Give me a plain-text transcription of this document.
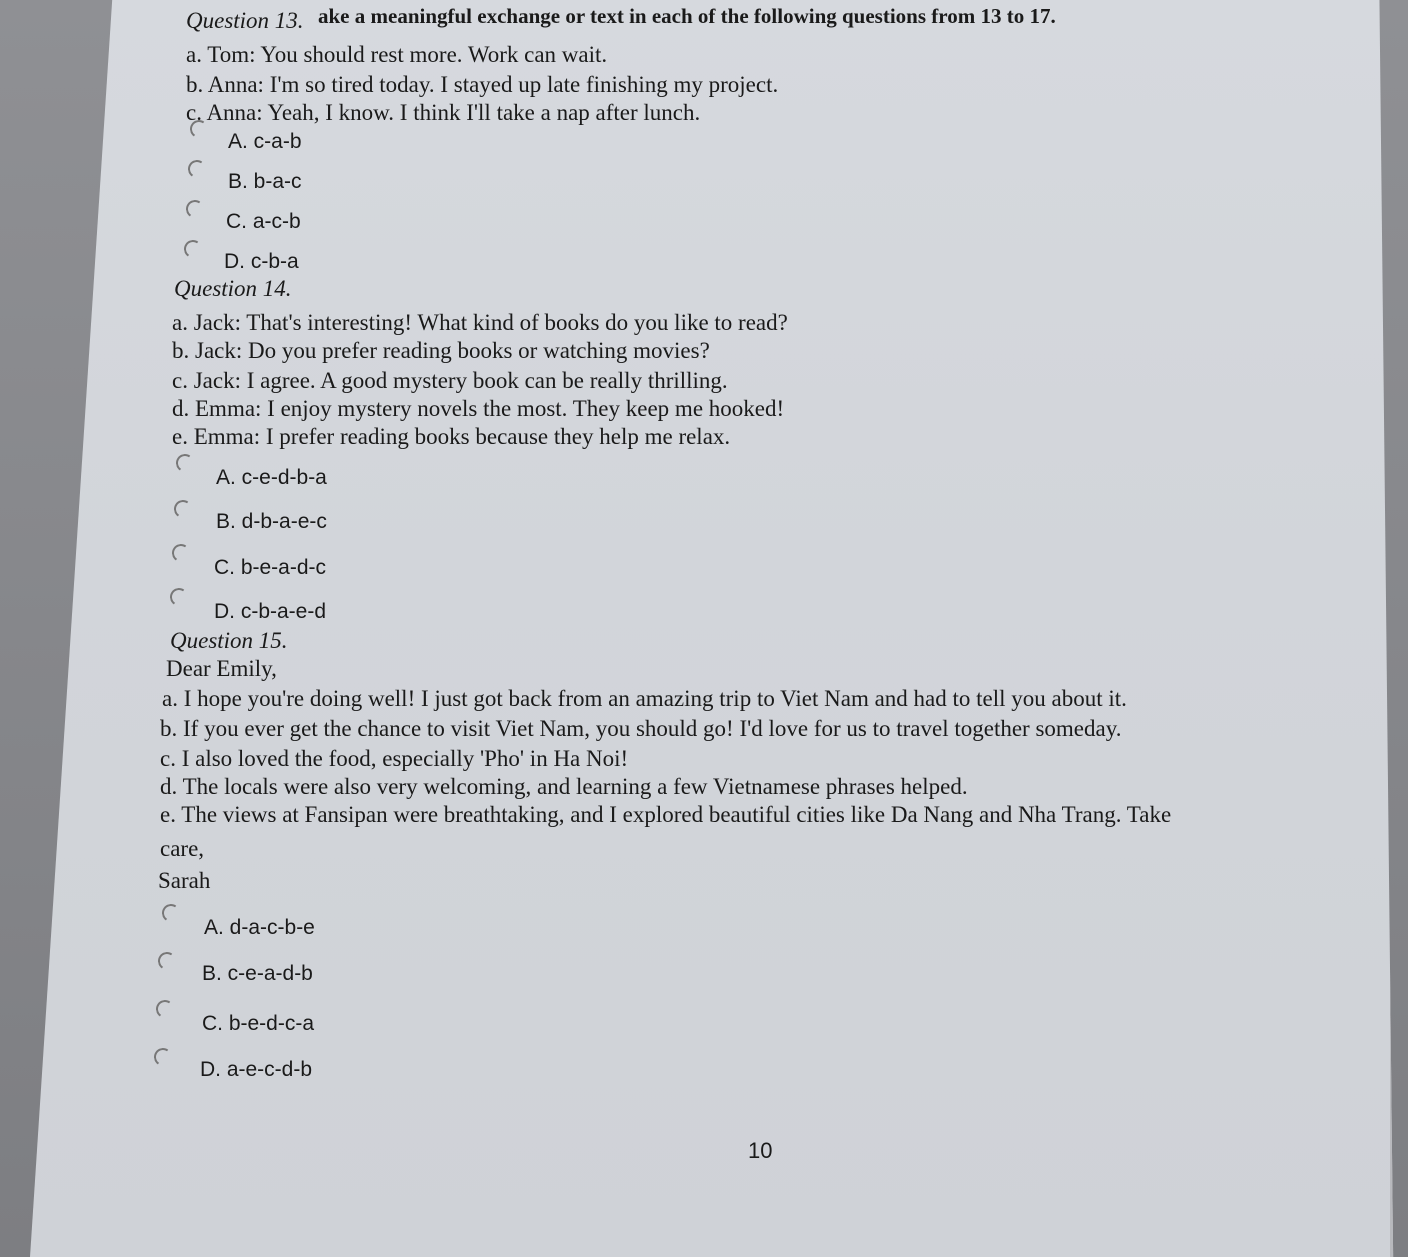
ake a meaningful exchange or text in each of the following questions from 13 to 17.
Question 13.
a. Tom: You should rest more. Work can wait.
b. Anna: I'm so tired today. I stayed up late finishing my project.
c. Anna: Yeah, I know. I think I'll take a nap after lunch.
A. c-a-b
B. b-a-c
C. a-c-b
D. c-b-a
Question 14.
a. Jack: That's interesting! What kind of books do you like to read?
b. Jack: Do you prefer reading books or watching movies?
c. Jack: I agree. A good mystery book can be really thrilling.
d. Emma: I enjoy mystery novels the most. They keep me hooked!
e. Emma: I prefer reading books because they help me relax.
A. c-e-d-b-a
B. d-b-a-e-c
C. b-e-a-d-c
D. c-b-a-e-d
Question 15.
Dear Emily,
a. I hope you're doing well! I just got back from an amazing trip to Viet Nam and had to tell you about it.
b. If you ever get the chance to visit Viet Nam, you should go! I'd love for us to travel together someday.
c. I also loved the food, especially 'Pho' in Ha Noi!
d. The locals were also very welcoming, and learning a few Vietnamese phrases helped.
e. The views at Fansipan were breathtaking, and I explored beautiful cities like Da Nang and Nha Trang. Take
care,
Sarah
A. d-a-c-b-e
B. c-e-a-d-b
C. b-e-d-c-a
D. a-e-c-d-b
10
